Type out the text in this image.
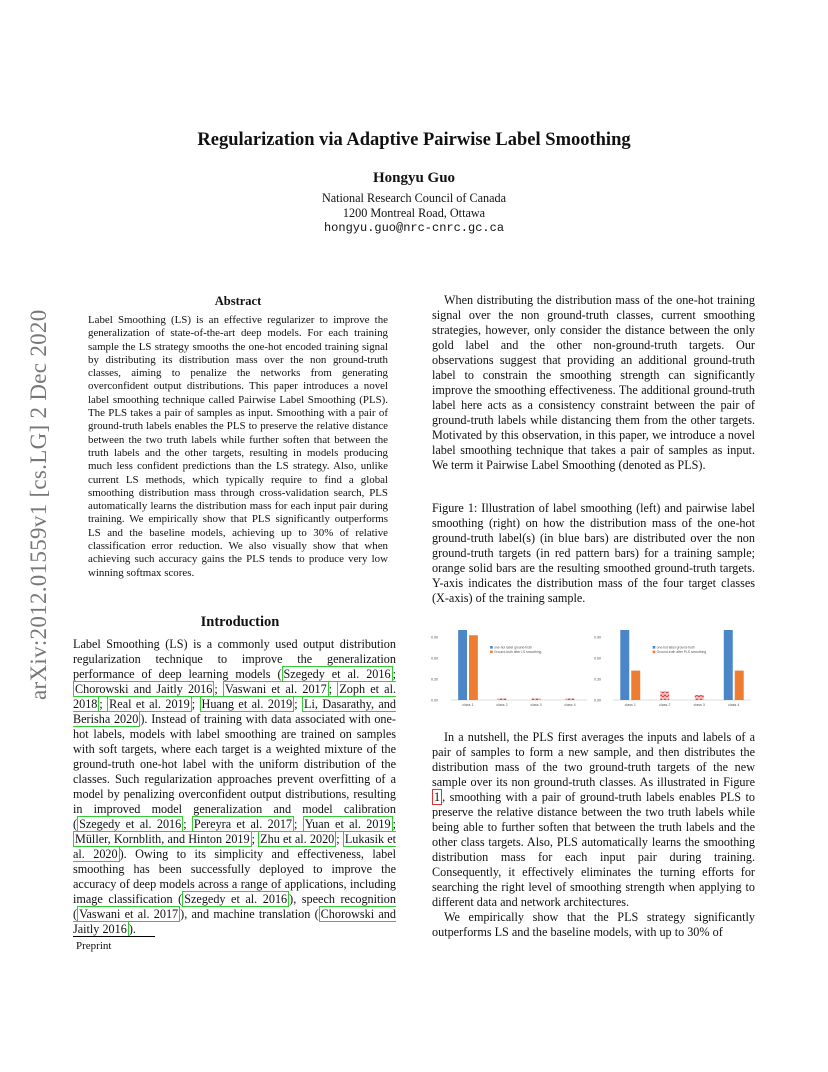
Regularization via Adaptive Pairwise Label Smoothing
Hongyu Guo
National Research Council of Canada
1200 Montreal Road, Ottawa
hongyu.guo@nrc-cnrc.gc.ca
arXiv:2012.01559v1 [cs.LG] 2 Dec 2020
Abstract
Label Smoothing (LS) is an effective regularizer to improve the generalization of state-of-the-art deep models. For each training sample the LS strategy smooths the one-hot encoded training signal by distributing its distribution mass over the non ground-truth classes, aiming to penalize the networks from generating overconfident output distributions. This paper introduces a novel label smoothing technique called Pairwise Label Smoothing (PLS). The PLS takes a pair of samples as input. Smoothing with a pair of ground-truth labels enables the PLS to preserve the relative distance between the two truth labels while further soften that between the truth labels and the other targets, resulting in models producing much less confident predictions than the LS strategy. Also, unlike current LS methods, which typically require to find a global smoothing distribution mass through cross-validation search, PLS automatically learns the distribution mass for each input pair during training. We empirically show that PLS significantly outperforms LS and the baseline models, achieving up to 30% of relative classification error reduction. We also visually show that when achieving such accuracy gains the PLS tends to produce very low winning softmax scores.
Introduction
Label Smoothing (LS) is a commonly used output distribution regularization technique to improve the generalization performance of deep learning models ( Szegedy et al. 2016 ; Chorowski and Jaitly 2016 ; Vaswani et al. 2017 ; Zoph et al. 2018 ; Real et al. 2019 ; Huang et al. 2019 ; Li, Dasarathy, and Berisha 2020 ). Instead of training with data associated with one-hot labels, models with label smoothing are trained on samples with soft targets, where each target is a weighted mixture of the ground-truth one-hot label with the uniform distribution of the classes. Such regularization approaches prevent overfitting of a model by penalizing overconfident output distributions, resulting in improved model generalization and model calibration ( Szegedy et al. 2016 ; Pereyra et al. 2017 ; Yuan et al. 2019 ; Müller, Kornblith, and Hinton 2019 ; Zhu et al. 2020 ; Lukasik et al. 2020 ). Owing to its simplicity and effectiveness, label smoothing has been successfully deployed to improve the accuracy of deep models across a range of applications, including image classification ( Szegedy et al. 2016 ), speech recognition ( Vaswani et al. 2017 ), and machine translation ( Chorowski and Jaitly 2016 ).
Preprint
When distributing the distribution mass of the one-hot training signal over the non ground-truth classes, current smoothing strategies, however, only consider the distance between the only gold label and the other non-ground-truth targets. Our observations suggest that providing an additional ground-truth label to constrain the smoothing strength can significantly improve the smoothing effectiveness. The additional ground-truth label here acts as a consistency constraint between the pair of ground-truth labels while distancing them from the other targets. Motivated by this observation, in this paper, we introduce a novel label smoothing technique that takes a pair of samples as input. We term it Pairwise Label Smoothing (denoted as PLS).
Figure 1: Illustration of label smoothing (left) and pairwise label smoothing (right) on how the distribution mass of the one-hot ground-truth label(s) (in blue bars) are distributed over the non ground-truth targets (in red pattern bars) for a training sample; orange solid bars are the resulting smoothed ground-truth targets. Y-axis indicates the distribution mass of the four target classes (X-axis) of the training sample.
0.00
0.30
0.60
0.90
class 1	class 2	class 3	class 4
one-hot label ground-truth
Ground-truth after LS smoothing
0.00
0.30
0.60
0.90
class 1	class 2	class 3	class 4
one-hot label ground-truth
Ground-truth after PLS smoothing

In a nutshell, the PLS first averages the inputs and labels of a pair of samples to form a new sample, and then distributes the distribution mass of the two ground-truth targets of the new sample over its non ground-truth classes. As illustrated in Figure 1 , smoothing with a pair of ground-truth labels enables PLS to preserve the relative distance between the two truth labels while being able to further soften that between the truth labels and the other class targets. Also, PLS automatically learns the smoothing distribution mass for each input pair during training. Consequently, it effectively eliminates the turning efforts for searching the right level of smoothing strength when applying to different data and network architectures.

We empirically show that the PLS strategy significantly outperforms LS and the baseline models, with up to 30% of
